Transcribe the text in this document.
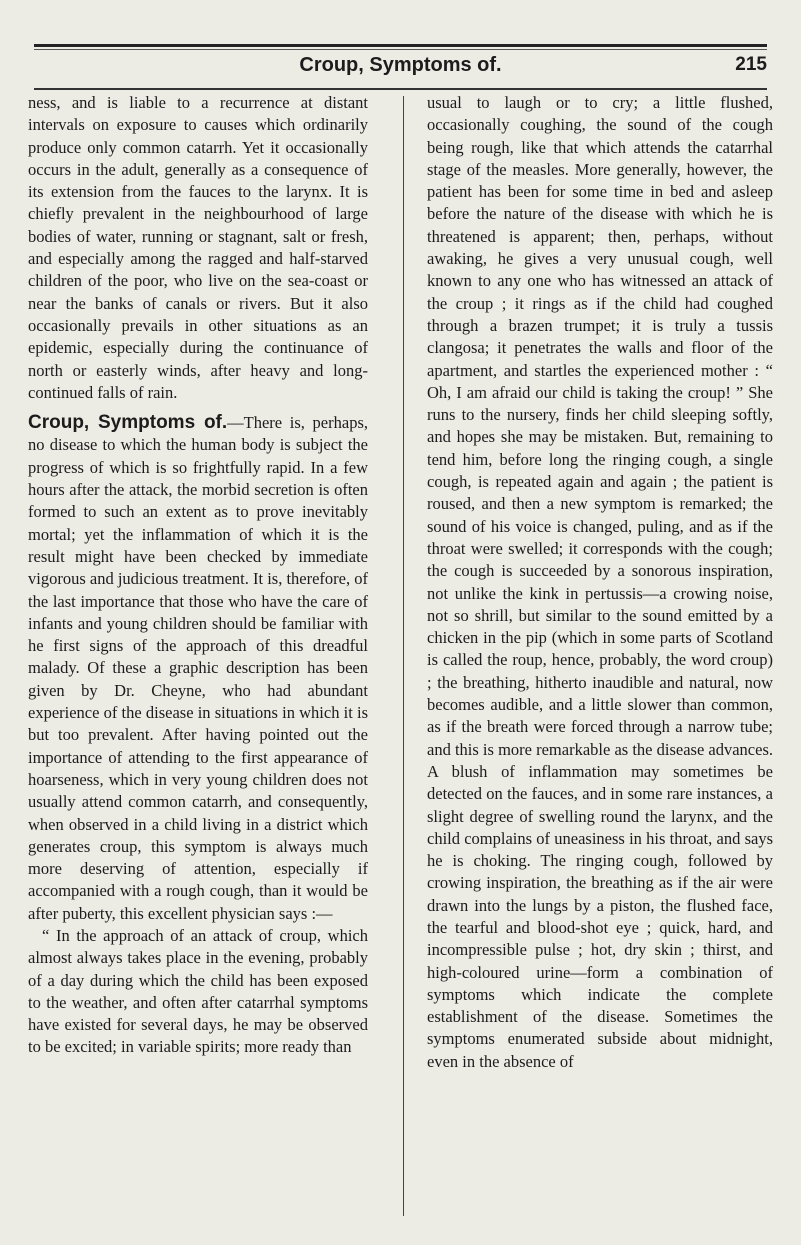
Croup, Symptoms of.	215

ness, and is liable to a recurrence at distant intervals on exposure to causes which ordinarily produce only common catarrh. Yet it occasionally occurs in the adult, generally as a consequence of its extension from the fauces to the larynx. It is chiefly prevalent in the neighbourhood of large bodies of water, running or stagnant, salt or fresh, and especially among the ragged and half-starved children of the poor, who live on the sea-coast or near the banks of canals or rivers. But it also occasionally prevails in other situations as an epidemic, especially during the continuance of north or easterly winds, after heavy and long-continued falls of rain.

Croup, Symptoms of.—There is, perhaps, no disease to which the human body is subject the progress of which is so frightfully rapid. In a few hours after the attack, the morbid secretion is often formed to such an extent as to prove inevitably mortal; yet the inflammation of which it is the result might have been checked by immediate vigorous and judicious treatment. It is, therefore, of the last importance that those who have the care of infants and young children should be familiar with he first signs of the approach of this dreadful malady. Of these a graphic description has been given by Dr. Cheyne, who had abundant experience of the disease in situations in which it is but too prevalent. After having pointed out the importance of attending to the first appearance of hoarseness, which in very young children does not usually attend common catarrh, and consequently, when observed in a child living in a district which generates croup, this symptom is always much more deserving of attention, especially if accompanied with a rough cough, than it would be after puberty, this excellent physician says :—

“ In the approach of an attack of croup, which almost always takes place in the evening, probably of a day during which the child has been exposed to the weather, and often after catarrhal symptoms have existed for several days, he may be observed to be excited; in variable spirits; more ready than

usual to laugh or to cry; a little flushed, occasionally coughing, the sound of the cough being rough, like that which attends the catarrhal stage of the measles. More generally, however, the patient has been for some time in bed and asleep before the nature of the disease with which he is threatened is apparent; then, perhaps, without awaking, he gives a very unusual cough, well known to any one who has witnessed an attack of the croup ; it rings as if the child had coughed through a brazen trumpet; it is truly a tussis clangosa; it penetrates the walls and floor of the apartment, and startles the experienced mother : “ Oh, I am afraid our child is taking the croup! ” She runs to the nursery, finds her child sleeping softly, and hopes she may be mistaken. But, remaining to tend him, before long the ringing cough, a single cough, is repeated again and again ; the patient is roused, and then a new symptom is remarked; the sound of his voice is changed, puling, and as if the throat were swelled; it corresponds with the cough; the cough is succeeded by a sonorous inspiration, not unlike the kink in pertussis—a crowing noise, not so shrill, but similar to the sound emitted by a chicken in the pip (which in some parts of Scotland is called the roup, hence, probably, the word croup) ; the breathing, hitherto inaudible and natural, now becomes audible, and a little slower than common, as if the breath were forced through a narrow tube; and this is more remarkable as the disease advances. A blush of inflammation may sometimes be detected on the fauces, and in some rare instances, a slight degree of swelling round the larynx, and the child complains of uneasiness in his throat, and says he is choking. The ringing cough, followed by crowing inspiration, the breathing as if the air were drawn into the lungs by a piston, the flushed face, the tearful and blood-shot eye ; quick, hard, and incompressible pulse ; hot, dry skin ; thirst, and high-coloured urine—form a combination of symptoms which indicate the complete establishment of the disease. Sometimes the symptoms enumerated subside about midnight, even in the absence of
